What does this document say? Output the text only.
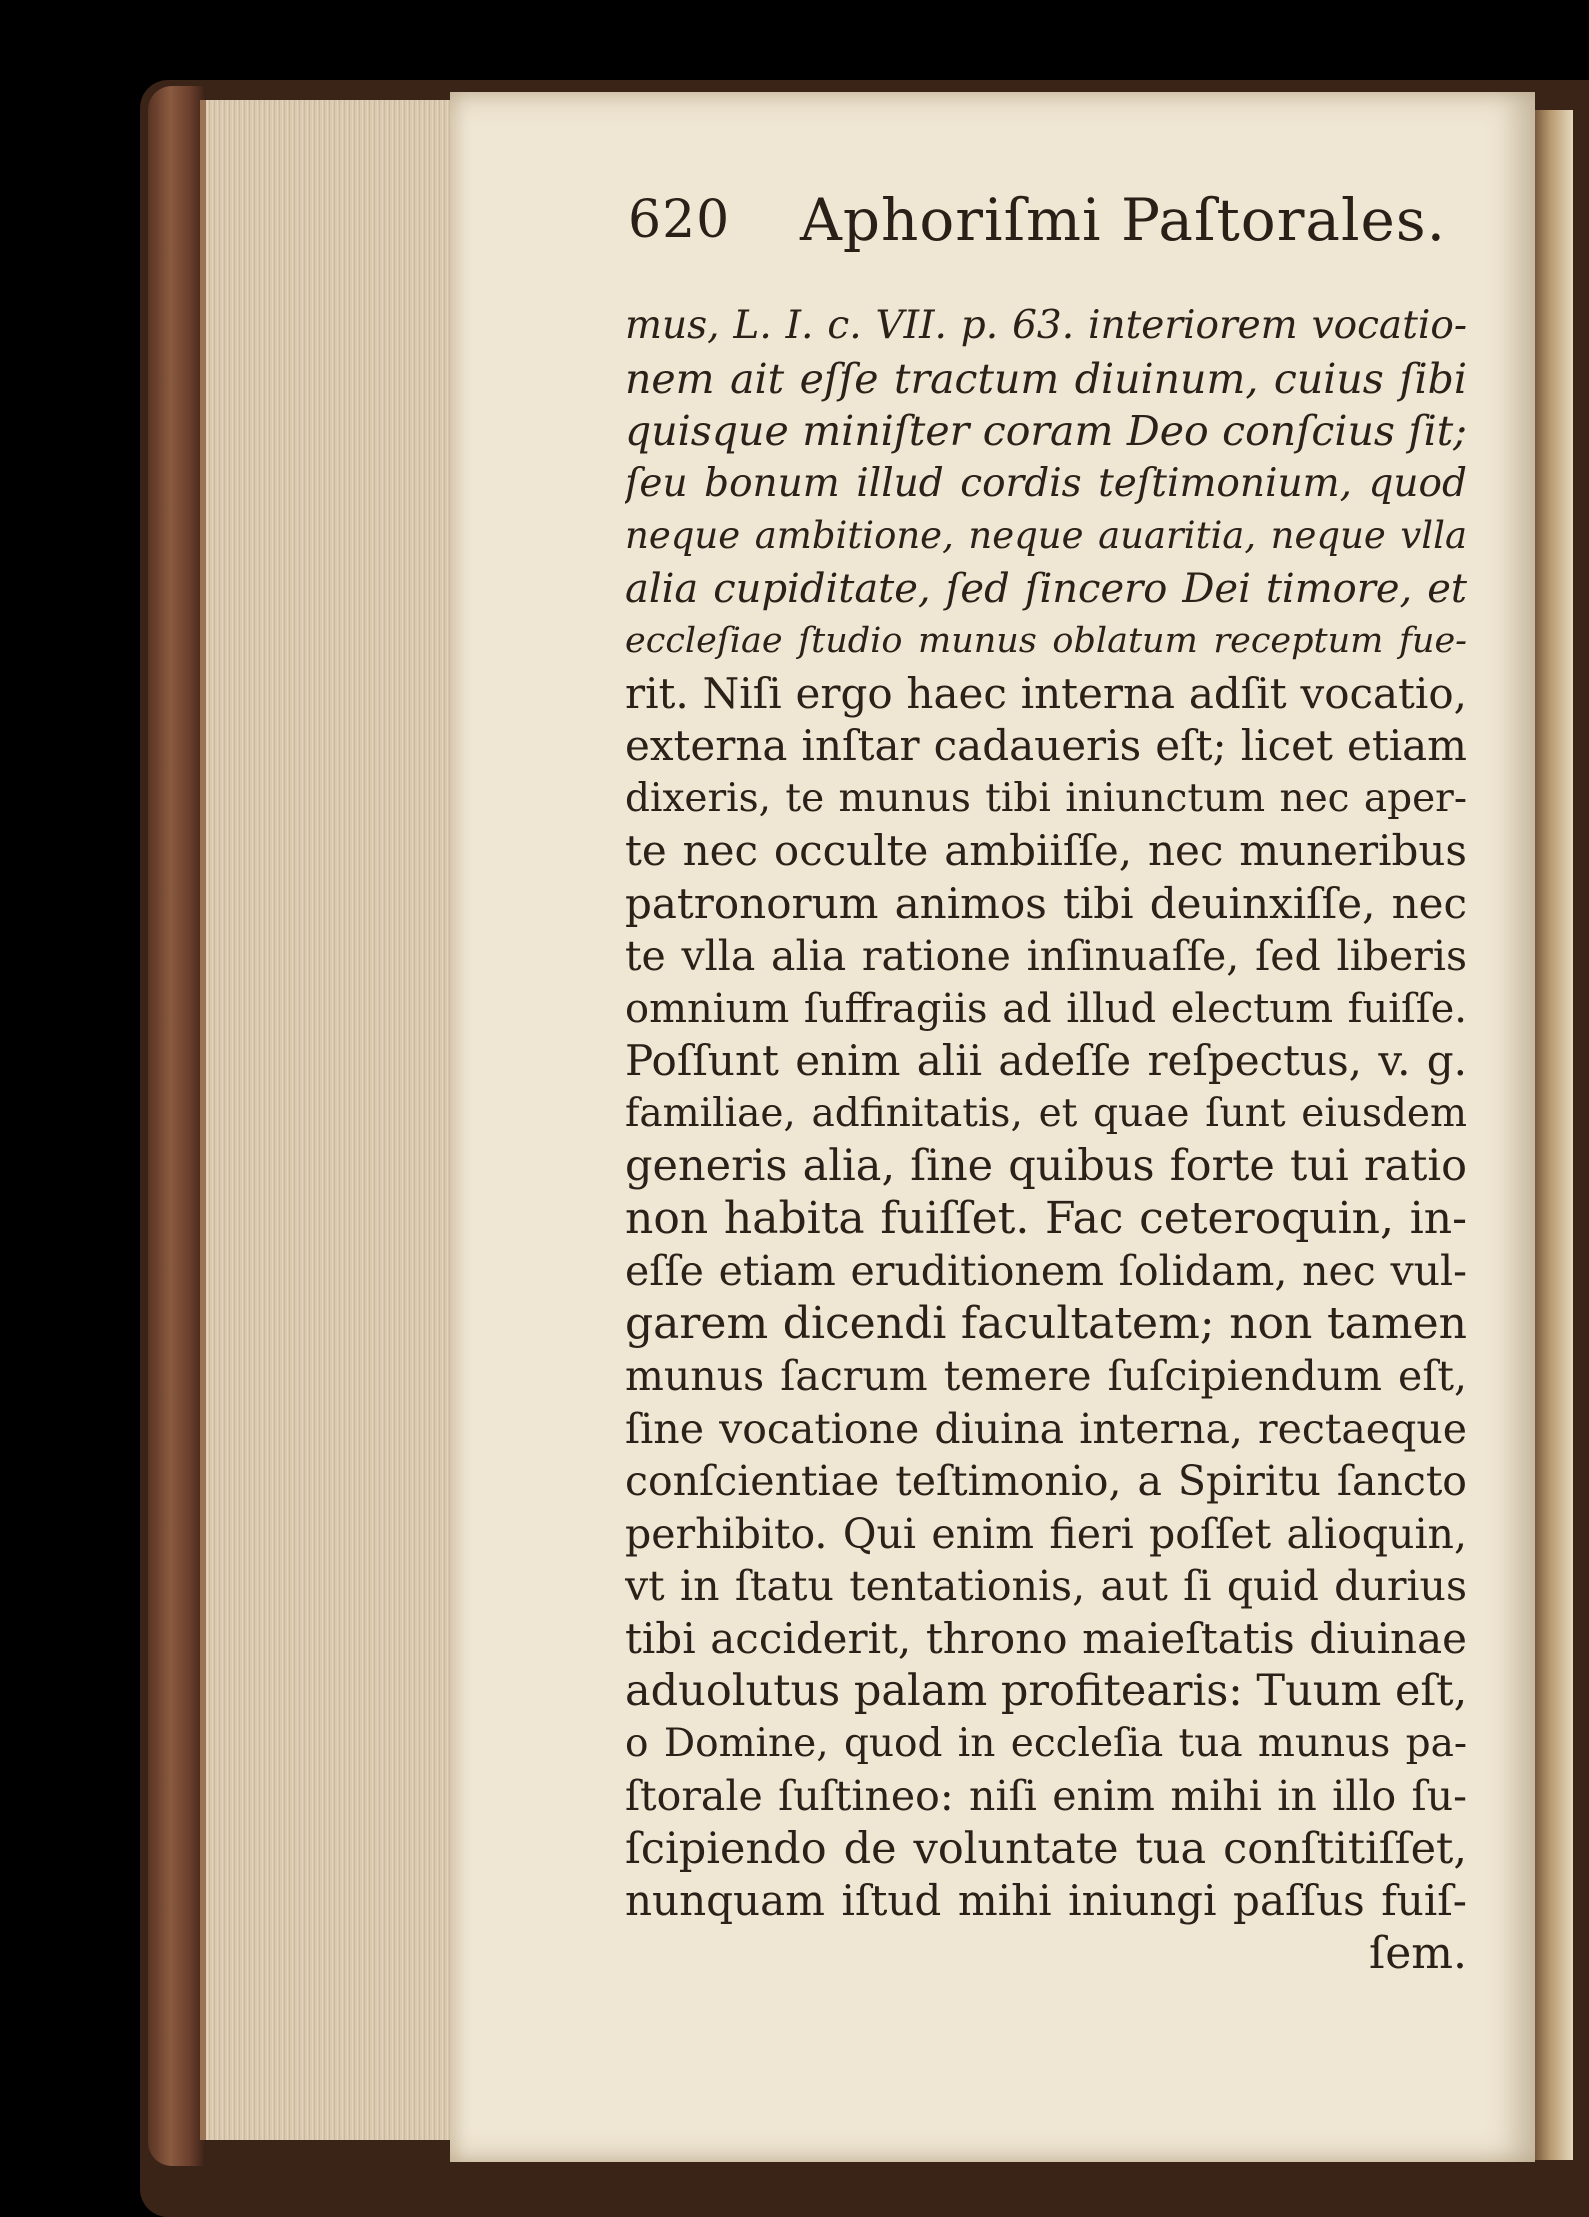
620 Aphoriſmi Paſtorales.
mus, L. I. c. VII. p. 63. interiorem vocatio-
nem ait eſſe tractum diuinum, cuius ſibi
quisque miniſter coram Deo conſcius ſit;
ſeu bonum illud cordis teſtimonium, quod
neque ambitione, neque auaritia, neque vlla
alia cupiditate, ſed ſincero Dei timore, et
eccleſiae ſtudio munus oblatum receptum fue-
rit. Niſi ergo haec interna adſit vocatio,
externa inſtar cadaueris eſt; licet etiam
dixeris, te munus tibi iniunctum nec aper-
te nec occulte ambiiſſe, nec muneribus
patronorum animos tibi deuinxiſſe, nec
te vlla alia ratione inſinuaſſe, ſed liberis
omnium ſuffragiis ad illud electum fuiſſe.
Poſſunt enim alii adeſſe reſpectus, v. g.
familiae, adfinitatis, et quae ſunt eiusdem
generis alia, ſine quibus forte tui ratio
non habita fuiſſet. Fac ceteroquin, in-
eſſe etiam eruditionem ſolidam, nec vul-
garem dicendi facultatem; non tamen
munus ſacrum temere ſuſcipiendum eſt,
ſine vocatione diuina interna, rectaeque
conſcientiae teſtimonio, a Spiritu ſancto
perhibito. Qui enim fieri poſſet alioquin,
vt in ſtatu tentationis, aut ſi quid durius
tibi acciderit, throno maieſtatis diuinae
aduolutus palam profitearis: Tuum eſt,
o Domine, quod in eccleſia tua munus pa-
ſtorale ſuſtineo: niſi enim mihi in illo ſu-
ſcipiendo de voluntate tua conſtitiſſet,
nunquam iſtud mihi iniungi paſſus fuiſ-
ſem.
